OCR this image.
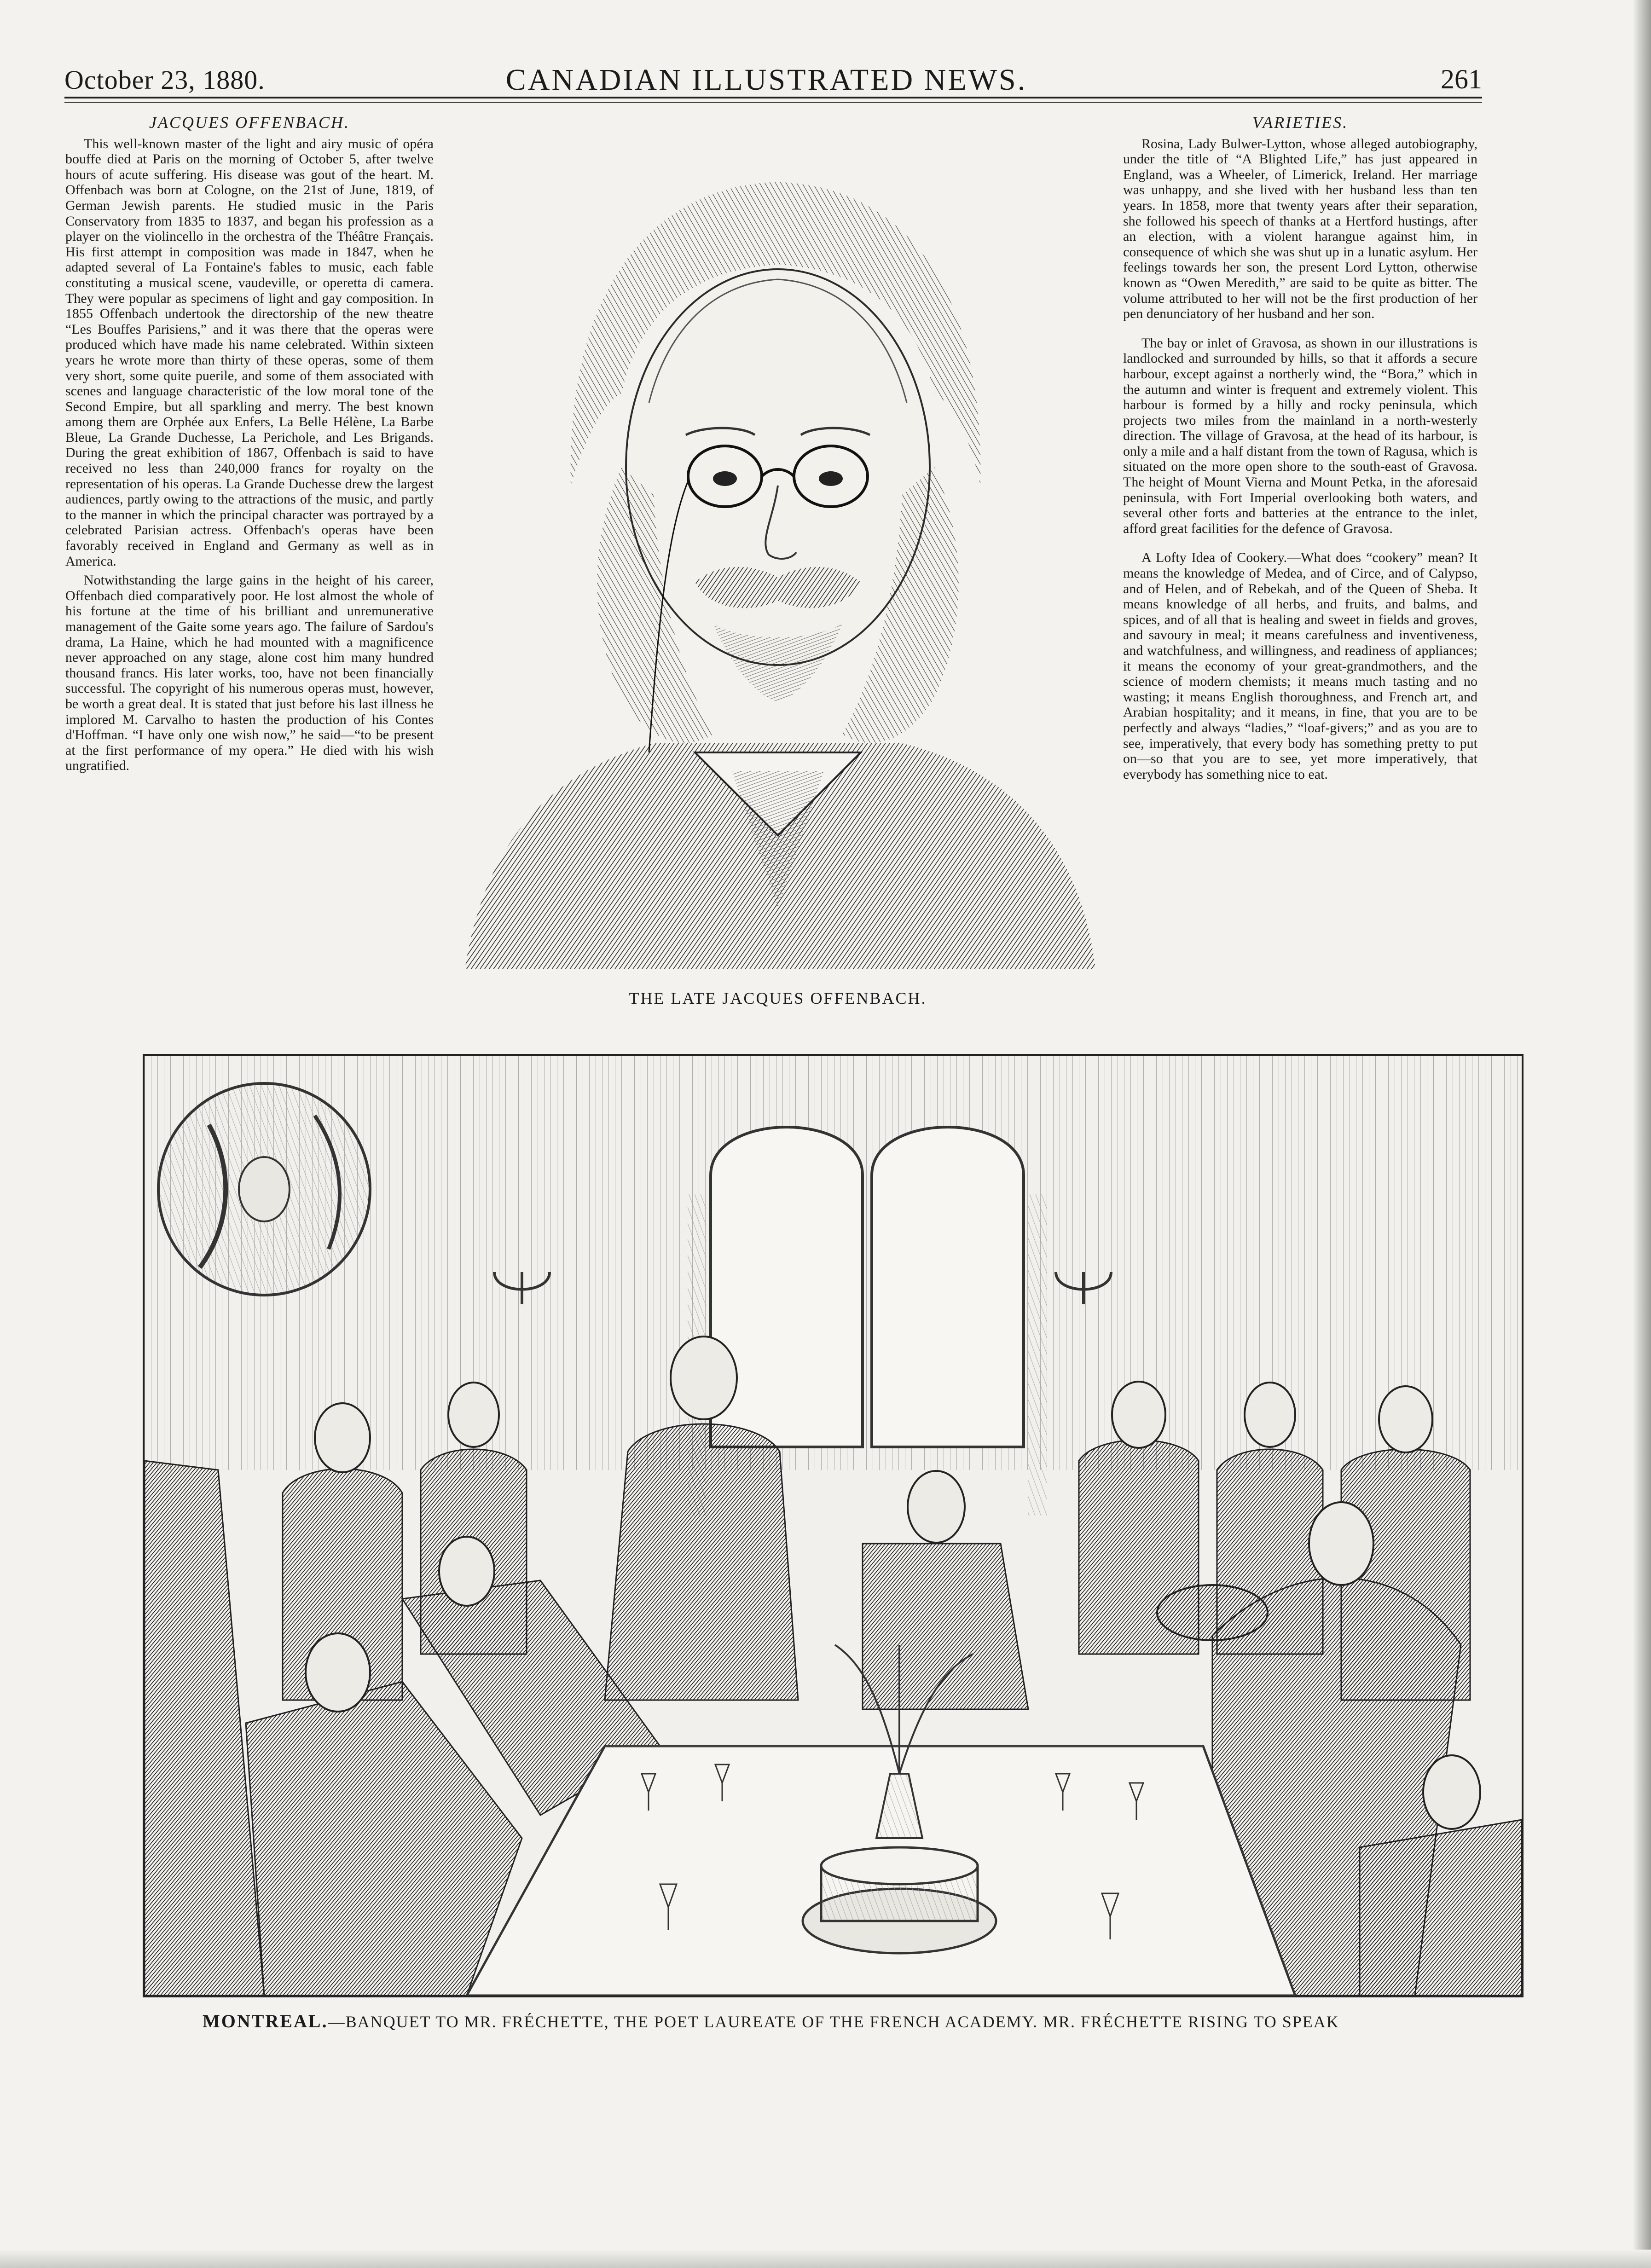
October 23, 1880.	CANADIAN ILLUSTRATED NEWS.	261
JACQUES OFFENBACH.

This well-known master of the light and airy music of opéra bouffe died at Paris on the morning of October 5, after twelve hours of acute suffering. His disease was gout of the heart. M. Offenbach was born at Cologne, on the 21st of June, 1819, of German Jewish parents. He studied music in the Paris Conservatory from 1835 to 1837, and began his profession as a player on the violincello in the orchestra of the Théâtre Français. His first attempt in composition was made in 1847, when he adapted several of La Fontaine's fables to music, each fable constituting a musical scene, vaudeville, or operetta di camera. They were popular as specimens of light and gay composition. In 1855 Offenbach undertook the directorship of the new theatre “Les Bouffes Parisiens,” and it was there that the operas were produced which have made his name celebrated. Within sixteen years he wrote more than thirty of these operas, some of them very short, some quite puerile, and some of them associated with scenes and language characteristic of the low moral tone of the Second Empire, but all sparkling and merry. The best known among them are Orphée aux Enfers, La Belle Hélène, La Barbe Bleue, La Grande Duchesse, La Perichole, and Les Brigands. During the great exhibition of 1867, Offenbach is said to have received no less than 240,000 francs for royalty on the representation of his operas. La Grande Duchesse drew the largest audiences, partly owing to the attractions of the music, and partly to the manner in which the principal character was portrayed by a celebrated Parisian actress. Offenbach's operas have been favorably received in England and Germany as well as in America.

Notwithstanding the large gains in the height of his career, Offenbach died comparatively poor. He lost almost the whole of his fortune at the time of his brilliant and unremunerative management of the Gaite some years ago. The failure of Sardou's drama, La Haine, which he had mounted with a magnificence never approached on any stage, alone cost him many hundred thousand francs. His later works, too, have not been financially successful. The copyright of his numerous operas must, however, be worth a great deal. It is stated that just before his last illness he implored M. Carvalho to hasten the production of his Contes d'Hoffman. “I have only one wish now,” he said—“to be present at the first performance of my opera.” He died with his wish ungratified.

THE LATE JACQUES OFFENBACH.
VARIETIES.

Rosina, Lady Bulwer-Lytton, whose alleged autobiography, under the title of “A Blighted Life,” has just appeared in England, was a Wheeler, of Limerick, Ireland. Her marriage was unhappy, and she lived with her husband less than ten years. In 1858, more that twenty years after their separation, she followed his speech of thanks at a Hertford hustings, after an election, with a violent harangue against him, in consequence of which she was shut up in a lunatic asylum. Her feelings towards her son, the present Lord Lytton, otherwise known as “Owen Meredith,” are said to be quite as bitter. The volume attributed to her will not be the first production of her pen denunciatory of her husband and her son.

The bay or inlet of Gravosa, as shown in our illustrations is landlocked and surrounded by hills, so that it affords a secure harbour, except against a northerly wind, the “Bora,” which in the autumn and winter is frequent and extremely violent. This harbour is formed by a hilly and rocky peninsula, which projects two miles from the mainland in a north-westerly direction. The village of Gravosa, at the head of its harbour, is only a mile and a half distant from the town of Ragusa, which is situated on the more open shore to the south-east of Gravosa. The height of Mount Vierna and Mount Petka, in the aforesaid peninsula, with Fort Imperial overlooking both waters, and several other forts and batteries at the entrance to the inlet, afford great facilities for the defence of Gravosa.

A Lofty Idea of Cookery.—What does “cookery” mean? It means the knowledge of Medea, and of Circe, and of Calypso, and of Helen, and of Rebekah, and of the Queen of Sheba. It means knowledge of all herbs, and fruits, and balms, and spices, and of all that is healing and sweet in fields and groves, and savoury in meal; it means carefulness and inventiveness, and watchfulness, and willingness, and readiness of appliances; it means the economy of your great-grandmothers, and the science of modern chemists; it means much tasting and no wasting; it means English thoroughness, and French art, and Arabian hospitality; and it means, in fine, that you are to be perfectly and always “ladies,” “loaf-givers;” and as you are to see, imperatively, that every body has something pretty to put on—so that you are to see, yet more imperatively, that everybody has something nice to eat.

MONTREAL.—BANQUET TO MR. FRÉCHETTE, THE POET LAUREATE OF THE FRENCH ACADEMY. MR. FRÉCHETTE RISING TO SPEAK
